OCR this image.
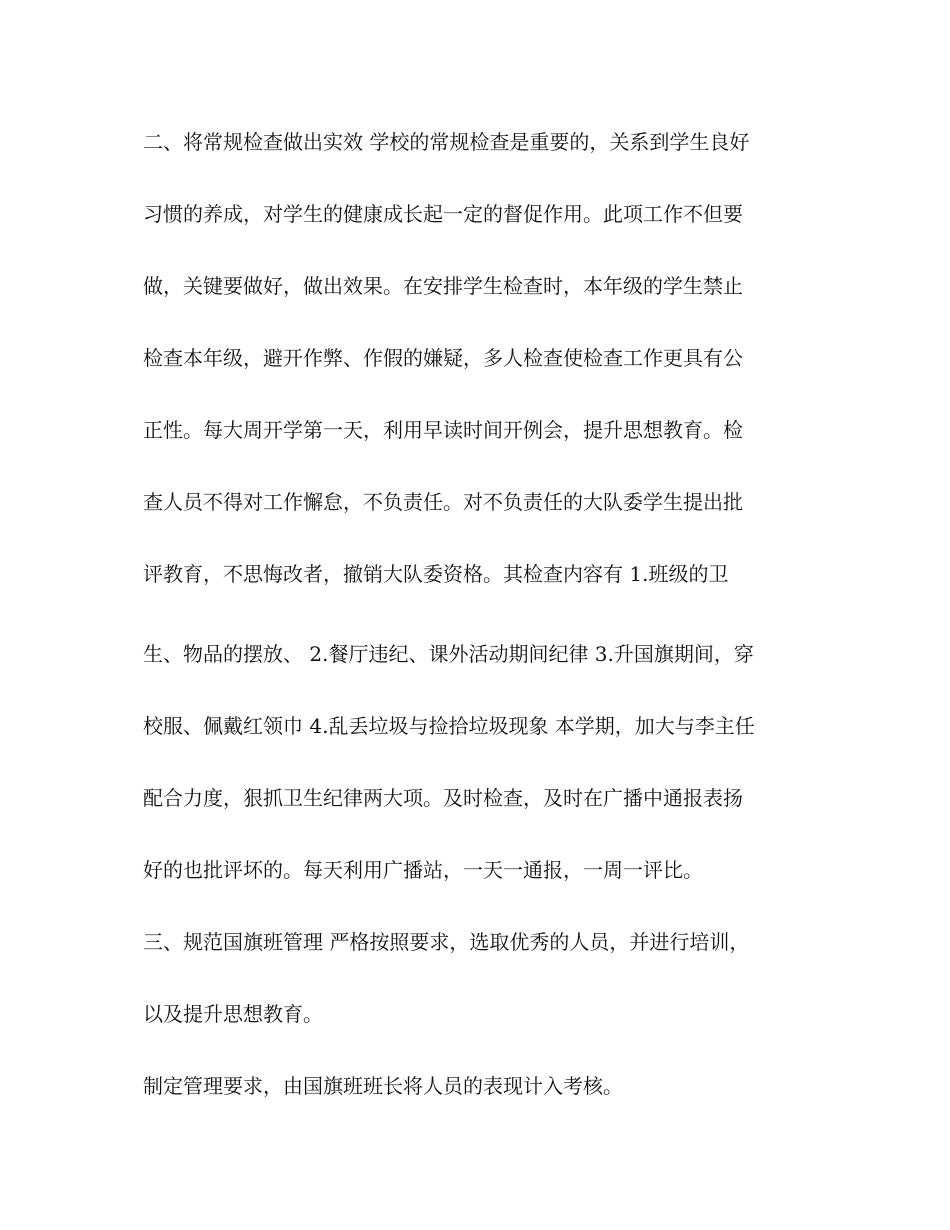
二、将常规检查做出实效 学校的常规检查是重要的，关系到学生良好
习惯的养成，对学生的健康成长起一定的督促作用。此项工作不但要
做，关键要做好，做出效果。在安排学生检查时，本年级的学生禁止
检查本年级，避开作弊、作假的嫌疑，多人检查使检查工作更具有公
正性。每大周开学第一天，利用早读时间开例会，提升思想教育。检
查人员不得对工作懈怠，不负责任。对不负责任的大队委学生提出批
评教育，不思悔改者，撤销大队委资格。其检查内容有 1.班级的卫
生、物品的摆放、 2.餐厅违纪、课外活动期间纪律 3.升国旗期间，穿
校服、佩戴红领巾 4.乱丢垃圾与捡拾垃圾现象 本学期，加大与李主任
配合力度，狠抓卫生纪律两大项。及时检查，及时在广播中通报表扬
好的也批评坏的。每天利用广播站，一天一通报，一周一评比。
三、规范国旗班管理 严格按照要求，选取优秀的人员，并进行培训，
以及提升思想教育。
制定管理要求，由国旗班班长将人员的表现计入考核。
